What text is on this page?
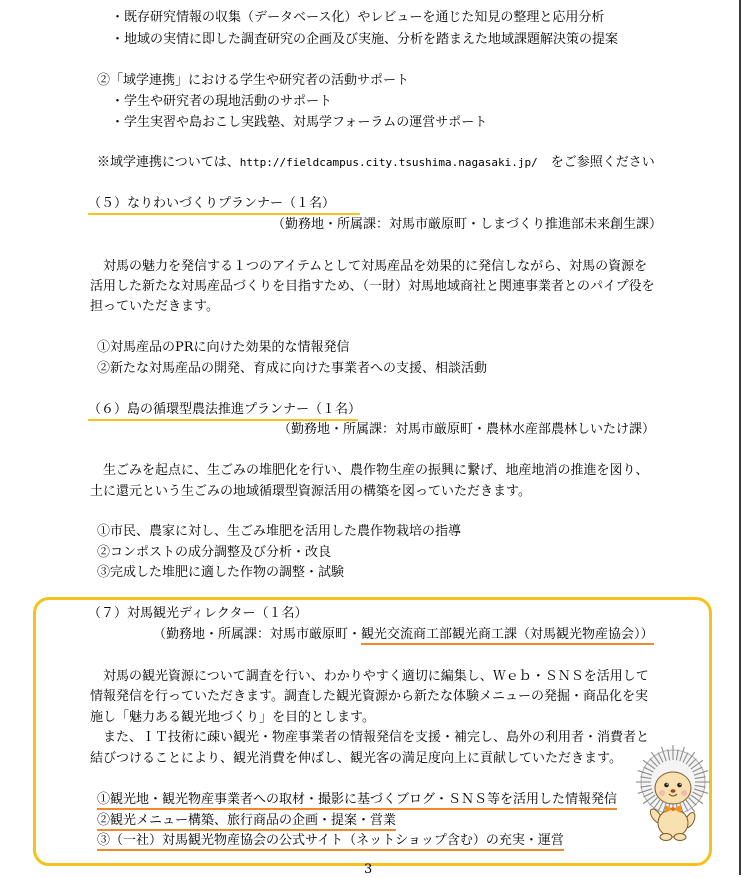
・既存研究情報の収集（データベース化）やレビューを通じた知見の整理と応用分析
・地域の実情に即した調査研究の企画及び実施、分析を踏まえた地域課題解決策の提案
②「域学連携」における学生や研究者の活動サポート
・学生や研究者の現地活動のサポート
・学生実習や島おこし実践塾、対馬学フォーラムの運営サポート
※域学連携については、http://fieldcampus.city.tsushima.nagasaki.jp/　をご参照ください
（５）なりわいづくりプランナー（１名）
（勤務地・所属課：対馬市厳原町・しまづくり推進部未来創生課）
　対馬の魅力を発信する１つのアイテムとして対馬産品を効果的に発信しながら、対馬の資源を
活用した新たな対馬産品づくりを目指すため、（一財）対馬地域商社と関連事業者とのパイプ役を
担っていただきます。
①対馬産品のPRに向けた効果的な情報発信
②新たな対馬産品の開発、育成に向けた事業者への支援、相談活動
（６）島の循環型農法推進プランナー（１名）
（勤務地・所属課：対馬市厳原町・農林水産部農林しいたけ課）
　生ごみを起点に、生ごみの堆肥化を行い、農作物生産の振興に繋げ、地産地消の推進を図り、
土に還元という生ごみの地域循環型資源活用の構築を図っていただきます。
①市民、農家に対し、生ごみ堆肥を活用した農作物栽培の指導
②コンポストの成分調整及び分析・改良
③完成した堆肥に適した作物の調整・試験
（７）対馬観光ディレクター（１名）
（勤務地・所属課：対馬市厳原町・観光交流商工部観光商工課（対馬観光物産協会））
　対馬の観光資源について調査を行い、わかりやすく適切に編集し、Ｗｅｂ・ＳＮＳを活用して
情報発信を行っていただきます。調査した観光資源から新たな体験メニューの発掘・商品化を実
施し「魅力ある観光地づくり」を目的とします。
　また、ＩＴ技術に疎い観光・物産事業者の情報発信を支援・補完し、島外の利用者・消費者と
結びつけることにより、観光消費を伸ばし、観光客の満足度向上に貢献していただきます。
①観光地・観光物産事業者への取材・撮影に基づくブログ・ＳＮＳ等を活用した情報発信
②観光メニュー構築、旅行商品の企画・提案・営業
③（一社）対馬観光物産協会の公式サイト（ネットショップ含む）の充実・運営
3
